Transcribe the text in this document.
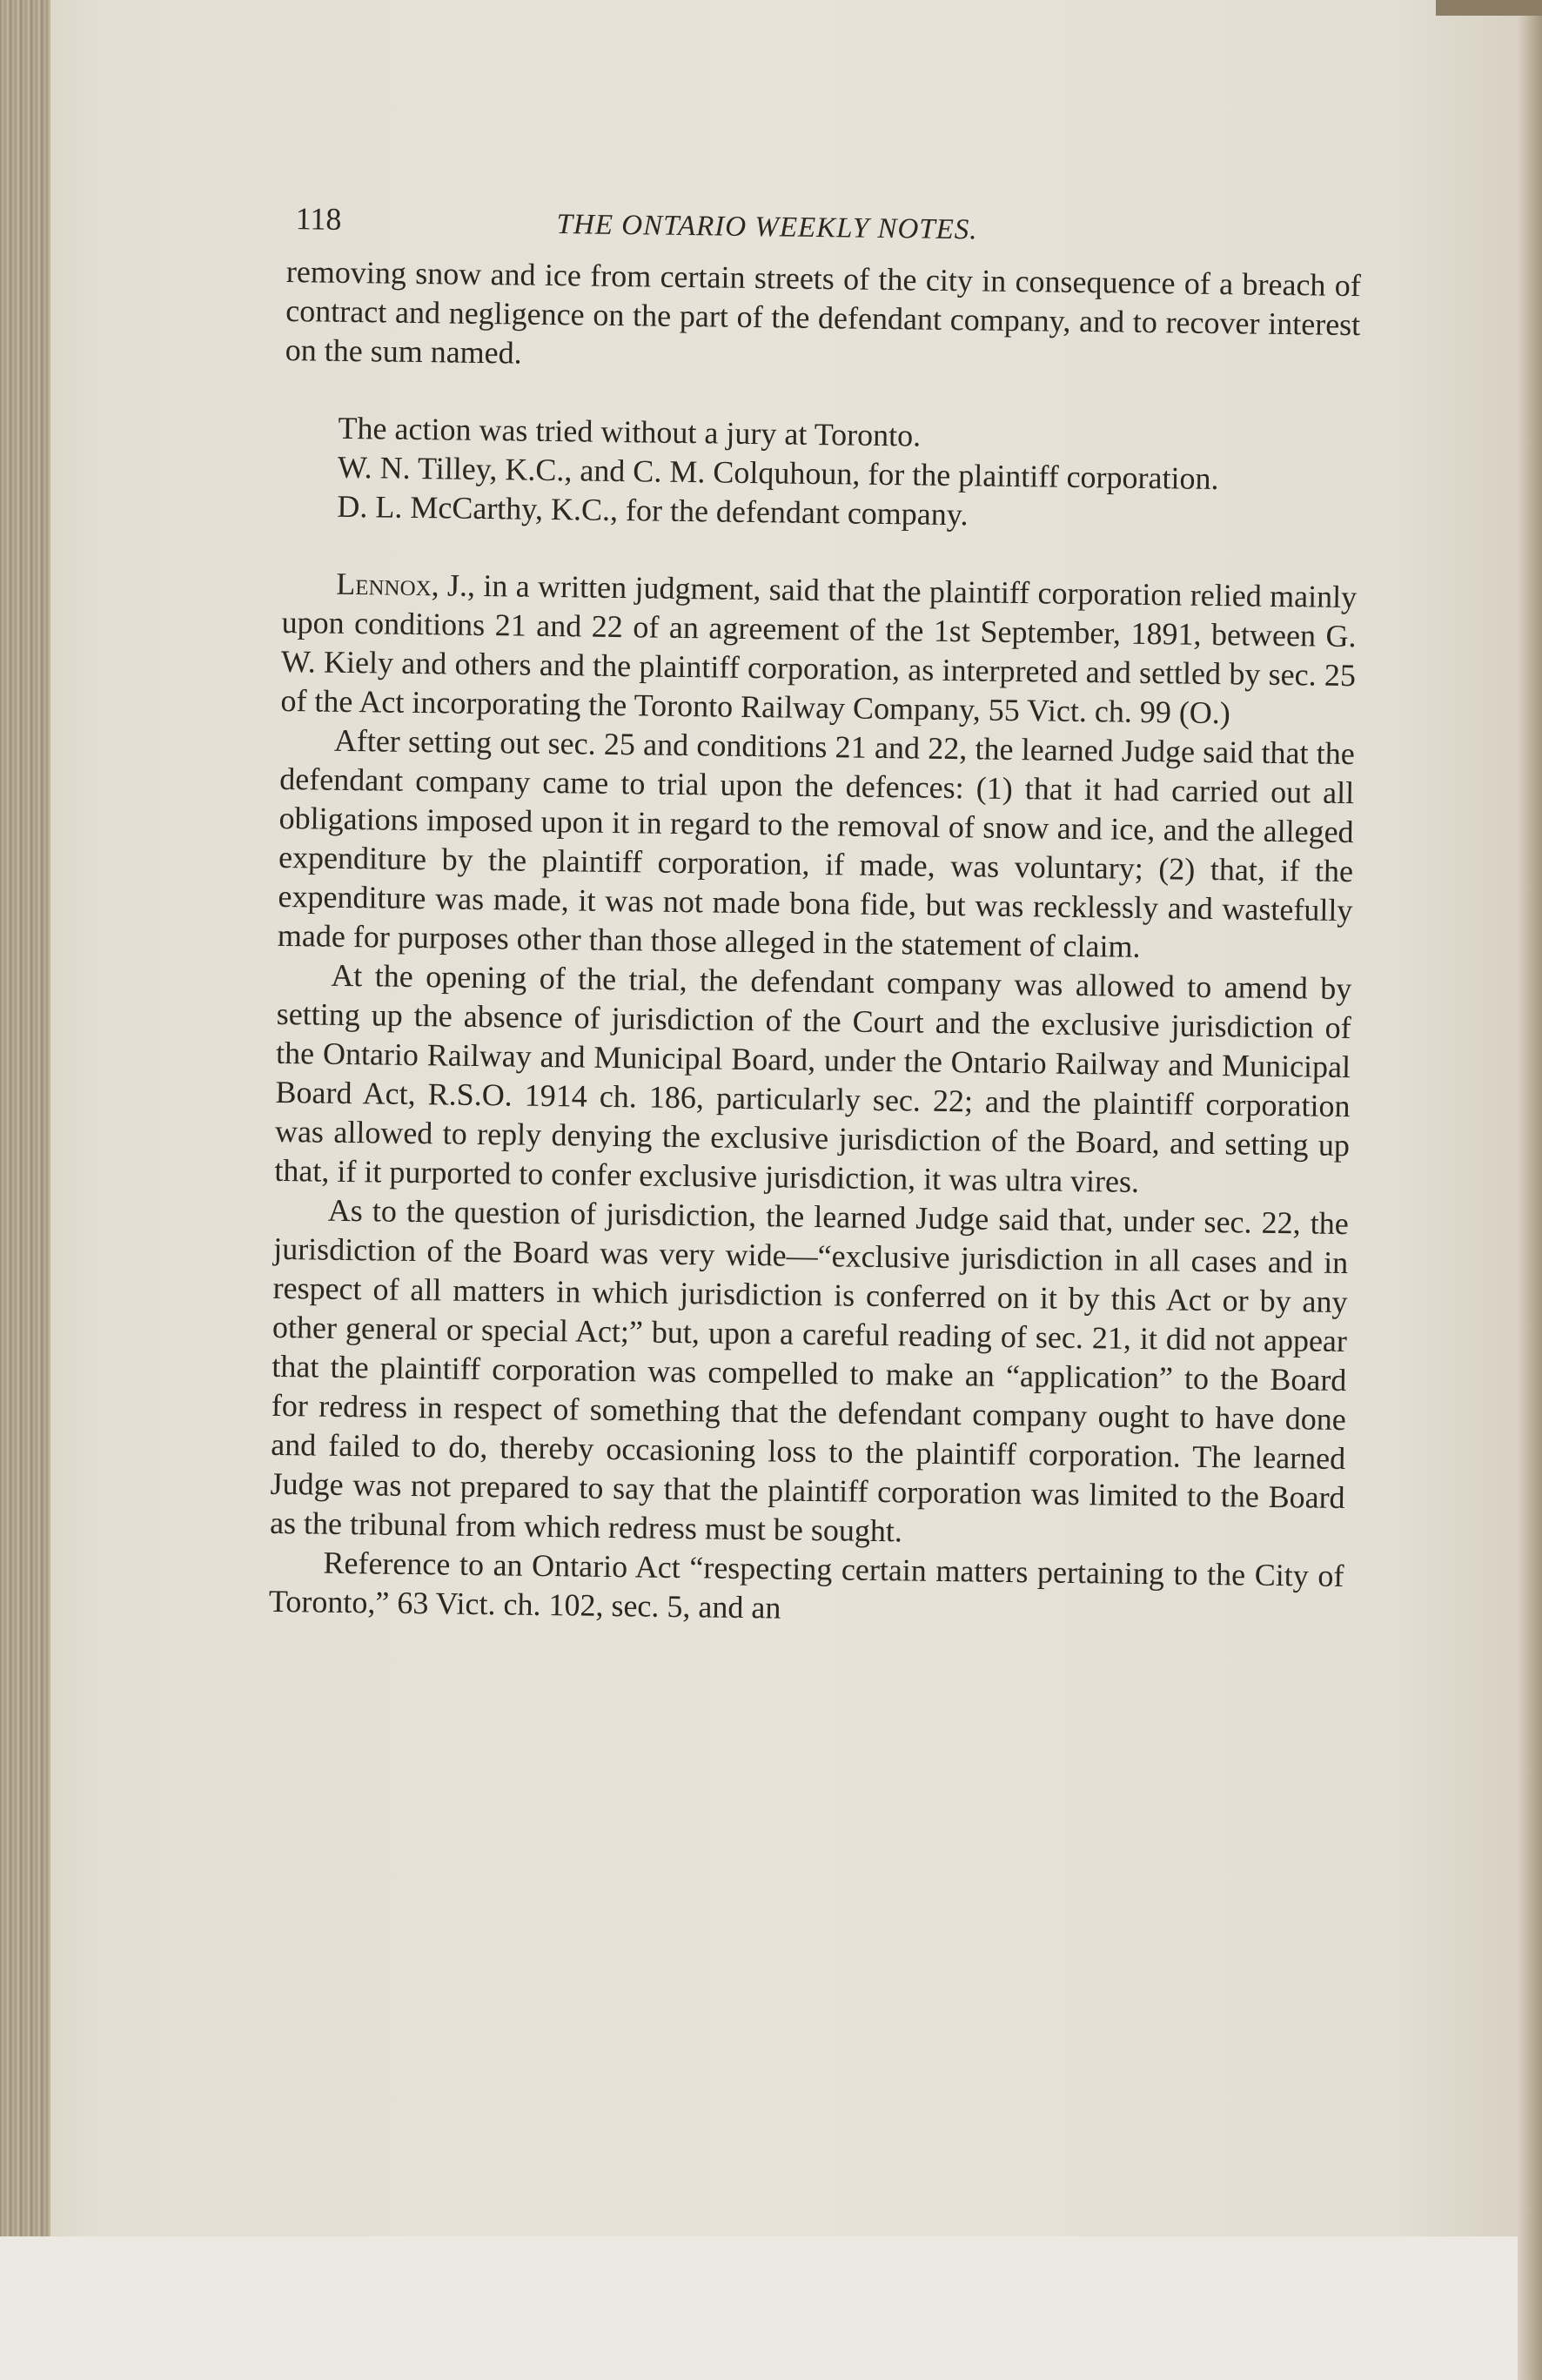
118	THE ONTARIO WEEKLY NOTES.

removing snow and ice from certain streets of the city in consequence of a breach of contract and negligence on the part of the defendant company, and to recover interest on the sum named.

The action was tried without a jury at Toronto.

W. N. Tilley, K.C., and C. M. Colquhoun, for the plaintiff corporation.

D. L. McCarthy, K.C., for the defendant company.

Lennox, J., in a written judgment, said that the plaintiff corporation relied mainly upon conditions 21 and 22 of an agreement of the 1st September, 1891, between G. W. Kiely and others and the plaintiff corporation, as interpreted and settled by sec. 25 of the Act incorporating the Toronto Railway Company, 55 Vict. ch. 99 (O.)

After setting out sec. 25 and conditions 21 and 22, the learned Judge said that the defendant company came to trial upon the defences: (1) that it had carried out all obligations imposed upon it in regard to the removal of snow and ice, and the alleged expenditure by the plaintiff corporation, if made, was voluntary; (2) that, if the expenditure was made, it was not made bona fide, but was recklessly and wastefully made for purposes other than those alleged in the statement of claim.

At the opening of the trial, the defendant company was allowed to amend by setting up the absence of jurisdiction of the Court and the exclusive jurisdiction of the Ontario Railway and Municipal Board, under the Ontario Railway and Municipal Board Act, R.S.O. 1914 ch. 186, particularly sec. 22; and the plaintiff corporation was allowed to reply denying the exclusive jurisdiction of the Board, and setting up that, if it purported to confer exclusive jurisdiction, it was ultra vires.

As to the question of jurisdiction, the learned Judge said that, under sec. 22, the jurisdiction of the Board was very wide—“exclusive jurisdiction in all cases and in respect of all matters in which jurisdiction is conferred on it by this Act or by any other general or special Act;” but, upon a careful reading of sec. 21, it did not appear that the plaintiff corporation was compelled to make an “application” to the Board for redress in respect of something that the defendant company ought to have done and failed to do, thereby occasioning loss to the plaintiff corporation. The learned Judge was not prepared to say that the plaintiff corporation was limited to the Board as the tribunal from which redress must be sought.

Reference to an Ontario Act “respecting certain matters pertaining to the City of Toronto,” 63 Vict. ch. 102, sec. 5, and an
